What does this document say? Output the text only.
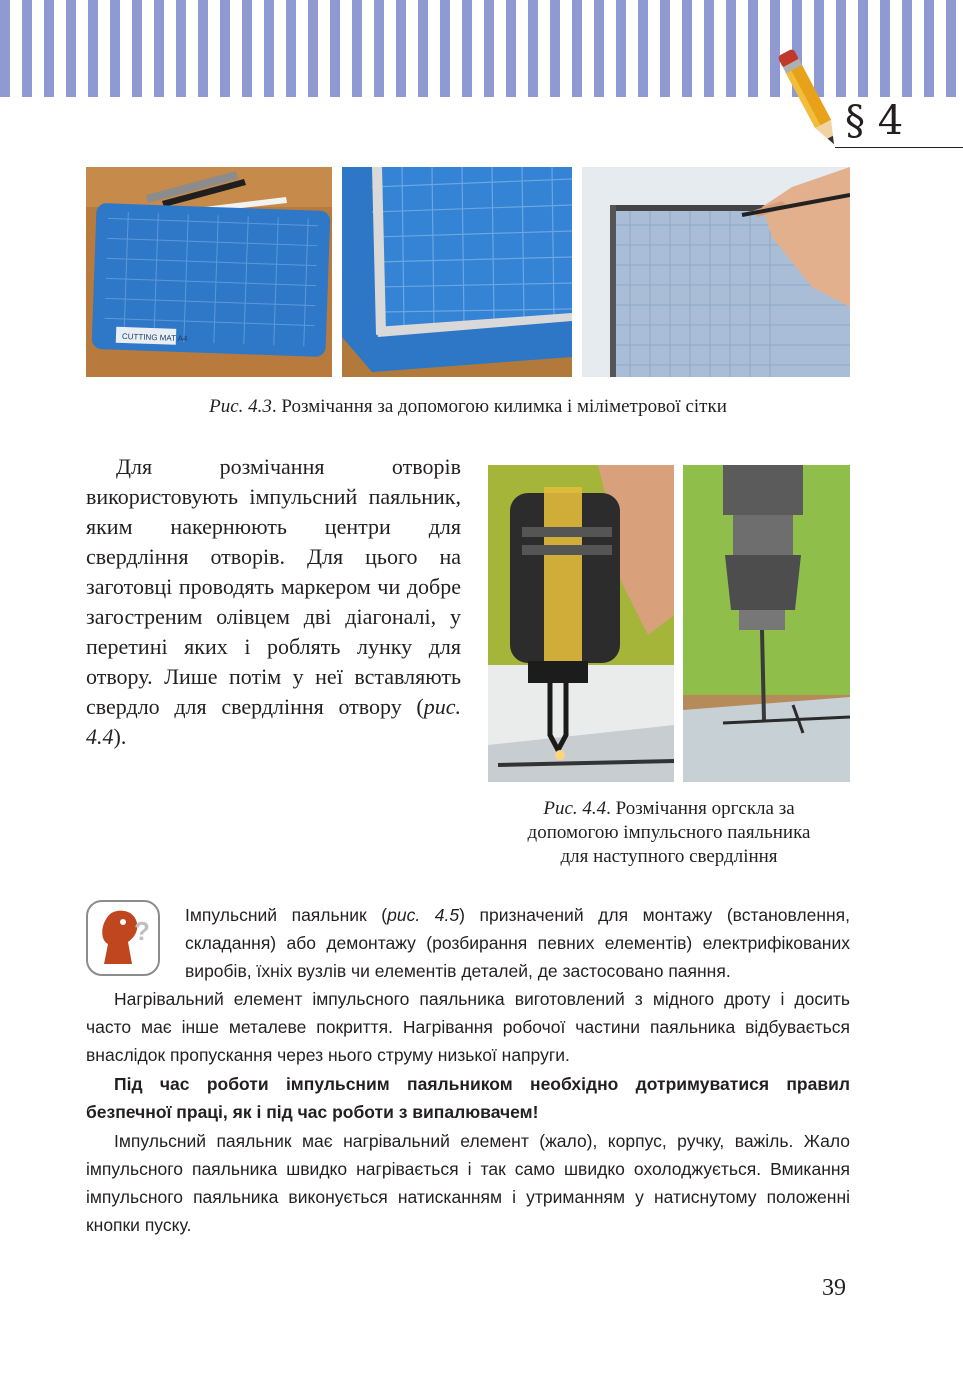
§ 4
CUTTING MAT A4
Рис. 4.3. Розмічання за допомогою килимка і міліметрової сітки

Для розмічання отворів використовують імпульсний паяльник, яким накернюють центри для свердління отворів. Для цього на заготовці проводять маркером чи добре загостреним олівцем дві діагоналі, у перетині яких і роблять лунку для отвору. Лише потім у неї вставляють свердло для свердління отвору (рис. 4.4).

Рис. 4.4. Розмічання оргскла за
допомогою імпульсного паяльника
для наступного свердління
?
Імпульсний паяльник (рис. 4.5) призначений для монтажу (встановлення, складання) або демонтажу (розбирання певних елементів) електрифікованих виробів, їхніх вузлів чи елементів деталей, де застосовано паяння.

Нагрівальний елемент імпульсного паяльника виготовлений з мідного дроту і досить часто має інше металеве покриття. Нагрівання робочої частини паяльника відбувається внаслідок пропускання через нього струму низької напруги.

Під час роботи імпульсним паяльником необхідно дотримуватися правил безпечної праці, як і під час роботи з випалювачем!

Імпульсний паяльник має нагрівальний елемент (жало), корпус, ручку, важіль. Жало імпульсного паяльника швидко нагрівається і так само швидко охолоджується. Вмикання імпульсного паяльника виконується натисканням і утриманням у натиснутому положенні кнопки пуску.

39
